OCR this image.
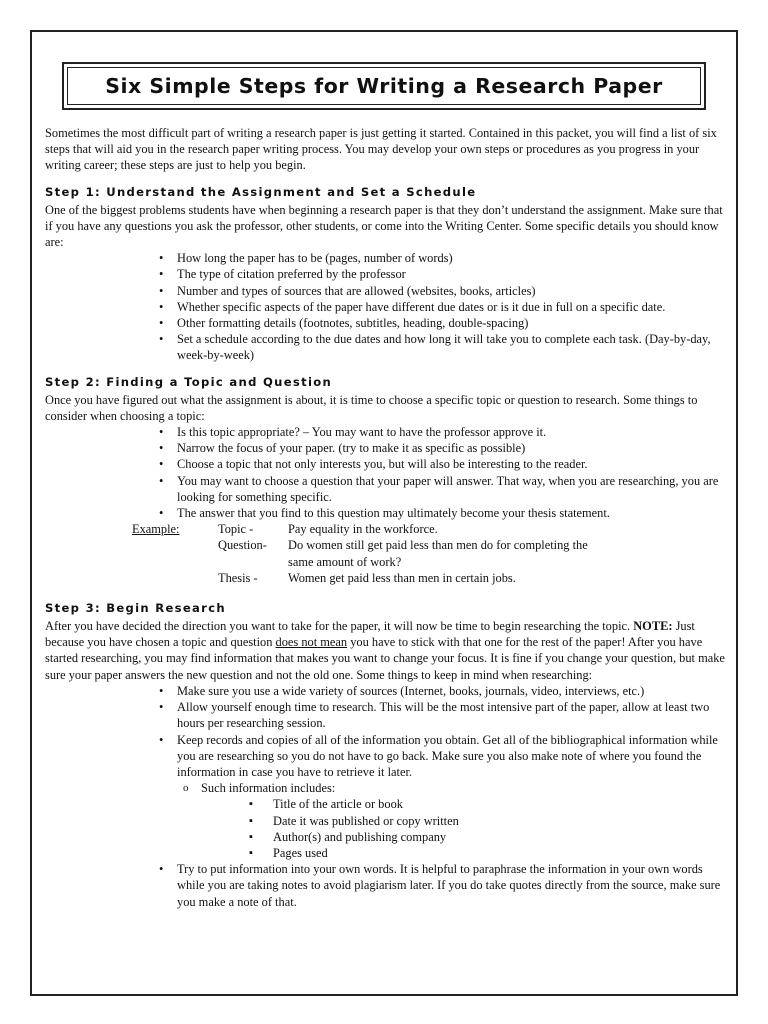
Six Simple Steps for Writing a Research Paper

Sometimes the most difficult part of writing a research paper is just getting it started. Contained in this packet, you will find a list of six steps that will aid you in the research paper writing process. You may develop your own steps or procedures as you progress in your writing career; these steps are just to help you begin.

Step 1: Understand the Assignment and Set a Schedule

One of the biggest problems students have when beginning a research paper is that they don’t understand the assignment. Make sure that if you have any questions you ask the professor, other students, or come into the Writing Center. Some specific details you should know are:

• How long the paper has to be (pages, number of words)
• The type of citation preferred by the professor
• Number and types of sources that are allowed (websites, books, articles)
• Whether specific aspects of the paper have different due dates or is it due in full on a specific date.
• Other formatting details (footnotes, subtitles, heading, double-spacing)
• Set a schedule according to the due dates and how long it will take you to complete each task. (Day-by-day, week-by-week)
Step 2: Finding a Topic and Question

Once you have figured out what the assignment is about, it is time to choose a specific topic or question to research. Some things to consider when choosing a topic:

• Is this topic appropriate? – You may want to have the professor approve it.
• Narrow the focus of your paper. (try to make it as specific as possible)
• Choose a topic that not only interests you, but will also be interesting to the reader.
• You may want to choose a question that your paper will answer. That way, when you are researching, you are looking for something specific.
• The answer that you find to this question may ultimately become your thesis statement.
Example:	Topic -	Pay equality in the workforce.
Question-	Do women still get paid less than men do for completing the same amount of work?
Thesis -	Women get paid less than men in certain jobs.
Step 3: Begin Research

After you have decided the direction you want to take for the paper, it will now be time to begin researching the topic. NOTE: Just because you have chosen a topic and question does not mean you have to stick with that one for the rest of the paper! After you have started researching, you may find information that makes you want to change your focus. It is fine if you change your question, but make sure your paper answers the new question and not the old one. Some things to keep in mind when researching:

• Make sure you use a wide variety of sources (Internet, books, journals, video, interviews, etc.)
• Allow yourself enough time to research. This will be the most intensive part of the paper, allow at least two hours per researching session.
• Keep records and copies of all of the information you obtain. Get all of the bibliographical information while you are researching so you do not have to go back. Make sure you also make note of where you found the information in case you have to retrieve it later.
o Such information includes:
▪ Title of the article or book
▪ Date it was published or copy written
▪ Author(s) and publishing company
▪ Pages used
• Try to put information into your own words. It is helpful to paraphrase the information in your own words while you are taking notes to avoid plagiarism later. If you do take quotes directly from the source, make sure you make a note of that.
